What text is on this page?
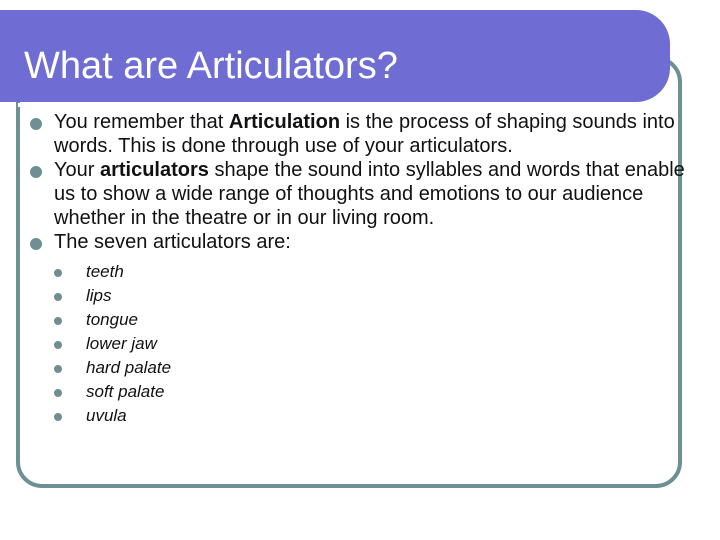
What are Articulators?
You remember that Articulation is the process of shaping sounds into words. This is done through use of your articulators.
Your articulators shape the sound into syllables and words that enable us to show a wide range of thoughts and emotions to our audience whether in the theatre or in our living room.
The seven articulators are:
teeth
lips
tongue
lower jaw
hard palate
soft palate
uvula
